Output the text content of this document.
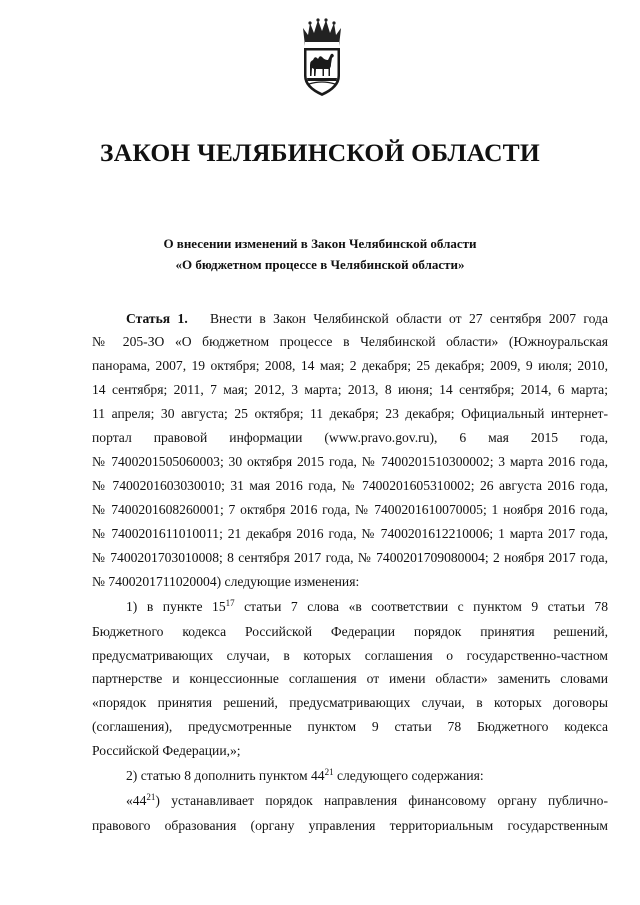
ЗАКОН ЧЕЛЯБИНСКОЙ ОБЛАСТИ
О внесении изменений в Закон Челябинской области
«О бюджетном процессе в Челябинской области»
Статья 1. Внести в Закон Челябинской области от 27 сентября 2007 года
№ 205-ЗО «О бюджетном процессе в Челябинской области» (Южноуральская
панорама, 2007, 19 октября; 2008, 14 мая; 2 декабря; 25 декабря; 2009, 9 июля; 2010,
14 сентября; 2011, 7 мая; 2012, 3 марта; 2013, 8 июня; 14 сентября; 2014, 6 марта;
11 апреля; 30 августа; 25 октября; 11 декабря; 23 декабря; Официальный интернет-
портал правовой информации (www.pravo.gov.ru), 6 мая 2015 года,
№ 7400201505060003; 30 октября 2015 года, № 7400201510300002; 3 марта 2016 года,
№ 7400201603030010; 31 мая 2016 года, № 7400201605310002; 26 августа 2016 года,
№ 7400201608260001; 7 октября 2016 года, № 7400201610070005; 1 ноября 2016 года,
№ 7400201611010011; 21 декабря 2016 года, № 7400201612210006; 1 марта 2017 года,
№ 7400201703010008; 8 сентября 2017 года, № 7400201709080004; 2 ноября 2017 года,
№ 7400201711020004) следующие изменения:
1) в пункте $15^{17}$ статьи 7 слова «в соответствии с пунктом 9 статьи 78
Бюджетного кодекса Российской Федерации порядок принятия решений,
предусматривающих случаи, в которых соглашения о государственно-частном
партнерстве и концессионные соглашения от имени области» заменить словами
«порядок принятия решений, предусматривающих случаи, в которых договоры
(соглашения), предусмотренные пунктом 9 статьи 78 Бюджетного кодекса
Российской Федерации,»;
2) статью 8 дополнить пунктом $44^{21}$ следующего содержания:
«$44^{21}$) устанавливает порядок направления финансовому органу публично-
правового образования (органу управления территориальным государственным
